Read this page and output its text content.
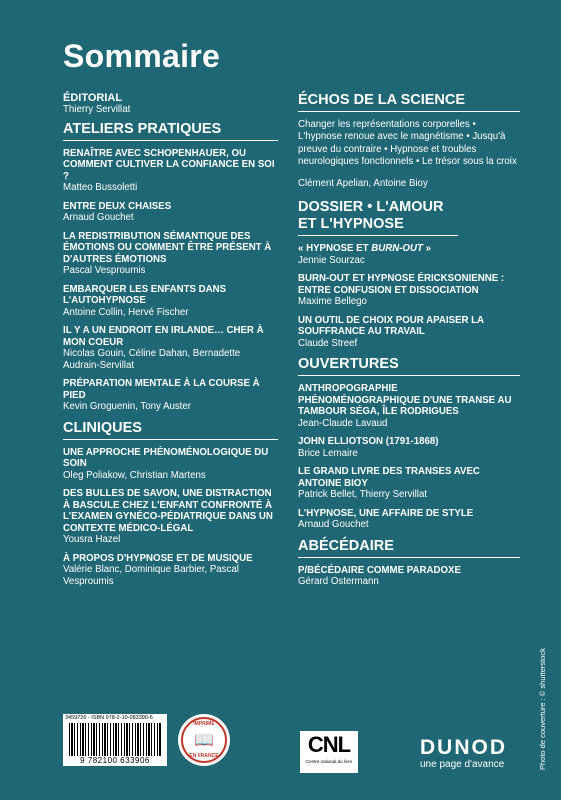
Sommaire
ÉDITORIAL
Thierry Servillat
ATELIERS PRATIQUES
RENAÎTRE AVEC SCHOPENHAUER, OU COMMENT CULTIVER LA CONFIANCE EN SOI ?
Matteo Bussoletti
ENTRE DEUX CHAISES
Arnaud Gouchet
LA REDISTRIBUTION SÉMANTIQUE DES ÉMOTIONS OU COMMENT ÊTRE PRÉSENT À D'AUTRES ÉMOTIONS
Pascal Vesproumis
EMBARQUER LES ENFANTS DANS L'AUTOHYPNOSE
Antoine Collin, Hervé Fischer
IL Y A UN ENDROIT EN IRLANDE… CHER À MON COEUR
Nicolas Gouin, Céline Dahan, Bernadette Audrain-Servillat
PRÉPARATION MENTALE À LA COURSE À PIED
Kevin Groguenin, Tony Auster
CLINIQUES
UNE APPROCHE PHÉNOMÉNOLOGIQUE DU SOIN
Oleg Poliakow, Christian Martens
DES BULLES DE SAVON, UNE DISTRACTION À BASCULE CHEZ L'ENFANT CONFRONTÉ À L'EXAMEN GYNÉCO-PÉDIATRIQUE DANS UN CONTEXTE MÉDICO-LÉGAL
Yousra Hazel
À PROPOS D'HYPNOSE ET DE MUSIQUE
Valérie Blanc, Dominique Barbier, Pascal Vesproumis
ÉCHOS DE LA SCIENCE
Changer les représentations corporelles • L'hypnose renoue avec le magnétisme • Jusqu'à preuve du contraire • Hypnose et troubles neurologiques fonctionnels • Le trésor sous la croix
Clément Apelian, Antoine Bioy
DOSSIER • L'AMOUR ET L'HYPNOSE
« HYPNOSE ET BURN-OUT »
Jennie Sourzac
BURN-OUT ET HYPNOSE ÉRICKSONIENNE : ENTRE CONFUSION ET DISSOCIATION
Maxime Bellego
UN OUTIL DE CHOIX POUR APAISER LA SOUFFRANCE AU TRAVAIL
Claude Streef
OUVERTURES
ANTHROPOGRAPHIE PHÉNOMÉNOGRAPHIQUE D'UNE TRANSE AU TAMBOUR SÉGA, ÎLE RODRIGUES
Jean-Claude Lavaud
JOHN ELLIOTSON (1791-1868)
Brice Lemaire
LE GRAND LIVRE DES TRANSES AVEC ANTOINE BIOY
Patrick Bellet, Thierry Servillat
L'HYPNOSE, UNE AFFAIRE DE STYLE
Arnaud Gouchet
ABÉCÉDAIRE
P/BÉCÉDAIRE COMME PARADOXE
Gérard Ostermann
3459726 - ISBN 978-2-10-083390-6
9 782100 633906
IMPRIMÉ
📖
EN FRANCE	CNL
Centre national du livre
DUNOD
une page d'avance	Photo de couverture : © shutterstock
